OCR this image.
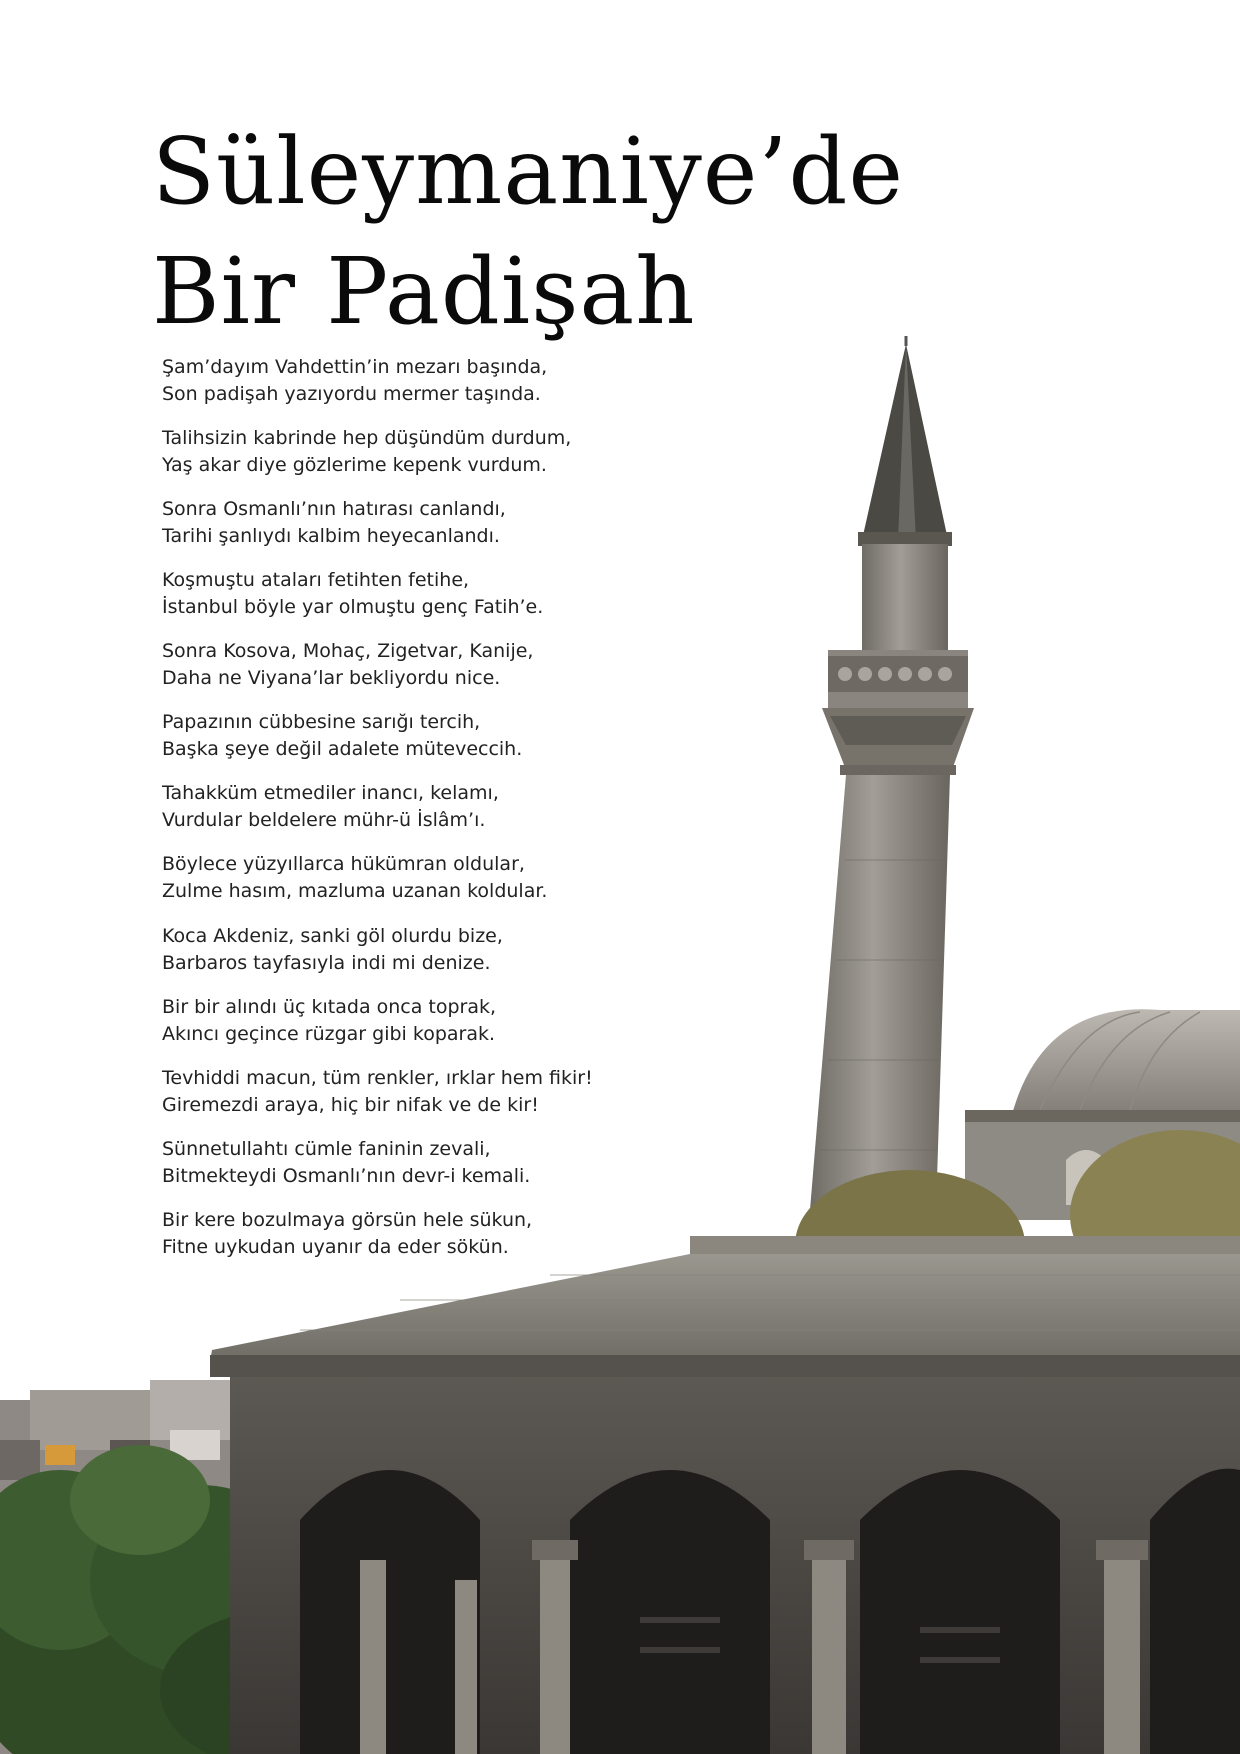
Süleymaniye’de
Bir Padişah

Şam’dayım Vahdettin’in mezarı başında,
Son padişah yazıyordu mermer taşında.

Talihsizin kabrinde hep düşündüm durdum,
Yaş akar diye gözlerime kepenk vurdum.

Sonra Osmanlı’nın hatırası canlandı,
Tarihi şanlıydı kalbim heyecanlandı.

Koşmuştu ataları fetihten fetihe,
İstanbul böyle yar olmuştu genç Fatih’e.

Sonra Kosova, Mohaç, Zigetvar, Kanije,
Daha ne Viyana’lar bekliyordu nice.

Papazının cübbesine sarığı tercih,
Başka şeye değil adalete müteveccih.

Tahakküm etmediler inancı, kelamı,
Vurdular beldelere mühr-ü İslâm’ı.

Böylece yüzyıllarca hükümran oldular,
Zulme hasım, mazluma uzanan koldular.

Koca Akdeniz, sanki göl olurdu bize,
Barbaros tayfasıyla indi mi denize.

Bir bir alındı üç kıtada onca toprak,
Akıncı geçince rüzgar gibi koparak.

Tevhiddi macun, tüm renkler, ırklar hem fikir!
Giremezdi araya, hiç bir nifak ve de kir!

Sünnetullahtı cümle faninin zevali,
Bitmekteydi Osmanlı’nın devr-i kemali.

Bir kere bozulmaya görsün hele sükun,
Fitne uykudan uyanır da eder sökün.
